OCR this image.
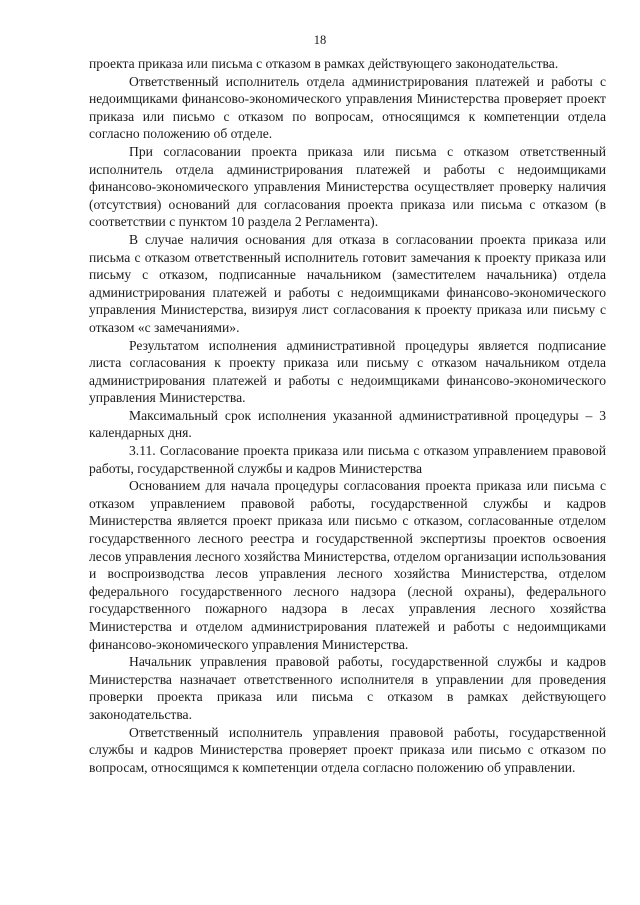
18

проекта приказа или письма с отказом в рамках действующего законодательства.

Ответственный исполнитель отдела администрирования платежей и работы с недоимщиками финансово-экономического управления Министерства проверяет проект приказа или письмо с отказом по вопросам, относящимся к компетенции отдела согласно положению об отделе.

При согласовании проекта приказа или письма с отказом ответственный исполнитель отдела администрирования платежей и работы с недоимщиками финансово-экономического управления Министерства осуществляет проверку наличия (отсутствия) оснований для согласования проекта приказа или письма с отказом (в соответствии с пунктом 10 раздела 2 Регламента).

В случае наличия основания для отказа в согласовании проекта приказа или письма с отказом ответственный исполнитель готовит замечания к проекту приказа или письму с отказом, подписанные начальником (заместителем начальника) отдела администрирования платежей и работы с недоимщиками финансово-экономического управления Министерства, визируя лист согласования к проекту приказа или письму с отказом «с замечаниями».

Результатом исполнения административной процедуры является подписание листа согласования к проекту приказа или письму с отказом начальником отдела администрирования платежей и работы с недоимщиками финансово-экономического управления Министерства.

Максимальный срок исполнения указанной административной процедуры – 3 календарных дня.

3.11. Согласование проекта приказа или письма с отказом управлением правовой работы, государственной службы и кадров Министерства

Основанием для начала процедуры согласования проекта приказа или письма с отказом управлением правовой работы, государственной службы и кадров Министерства является проект приказа или письмо с отказом, согласованные отделом государственного лесного реестра и государственной экспертизы проектов освоения лесов управления лесного хозяйства Министерства, отделом организации использования и воспроизводства лесов управления лесного хозяйства Министерства, отделом федерального государственного лесного надзора (лесной охраны), федерального государственного пожарного надзора в лесах управления лесного хозяйства Министерства и отделом администрирования платежей и работы с недоимщиками финансово-экономического управления Министерства.

Начальник управления правовой работы, государственной службы и кадров Министерства назначает ответственного исполнителя в управлении для проведения проверки проекта приказа или письма с отказом в рамках действующего законодательства.

Ответственный исполнитель управления правовой работы, государственной службы и кадров Министерства проверяет проект приказа или письмо с отказом по вопросам, относящимся к компетенции отдела согласно положению об управлении.
